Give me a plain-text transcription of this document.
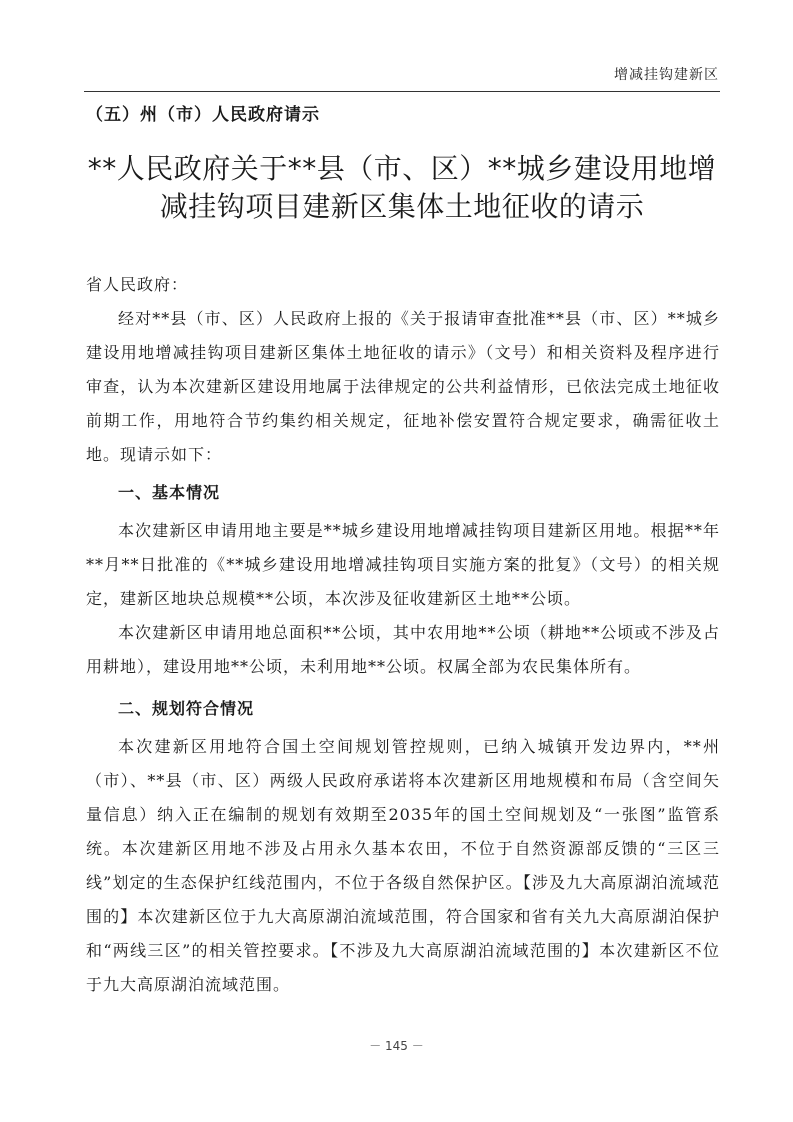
增减挂钩建新区
（五）州（市）人民政府请示
**人民政府关于**县（市、区）**城乡建设用地增
减挂钩项目建新区集体土地征收的请示

省人民政府：

经对**县（市、区）人民政府上报的《关于报请审查批准**县（市、区）**城乡建设用地增减挂钩项目建新区集体土地征收的请示》（文号）和相关资料及程序进行审查，认为本次建新区建设用地属于法律规定的公共利益情形，已依法完成土地征收前期工作，用地符合节约集约相关规定，征地补偿安置符合规定要求，确需征收土地。现请示如下：

一、基本情况

本次建新区申请用地主要是**城乡建设用地增减挂钩项目建新区用地。根据**年**月**日批准的《**城乡建设用地增减挂钩项目实施方案的批复》（文号）的相关规定，建新区地块总规模**公顷，本次涉及征收建新区土地**公顷。

本次建新区申请用地总面积**公顷，其中农用地**公顷（耕地**公顷或不涉及占用耕地），建设用地**公顷，未利用地**公顷。权属全部为农民集体所有。

二、规划符合情况

本次建新区用地符合国土空间规划管控规则，已纳入城镇开发边界内，**州（市）、**县（市、区）两级人民政府承诺将本次建新区用地规模和布局（含空间矢量信息）纳入正在编制的规划有效期至2035年的国土空间规划及“一张图”监管系统。本次建新区用地不涉及占用永久基本农田，不位于自然资源部反馈的“三区三线”划定的生态保护红线范围内，不位于各级自然保护区。【涉及九大高原湖泊流域范围的】本次建新区位于九大高原湖泊流域范围，符合国家和省有关九大高原湖泊保护和“两线三区”的相关管控要求。【不涉及九大高原湖泊流域范围的】本次建新区不位于九大高原湖泊流域范围。

－ 145 －
